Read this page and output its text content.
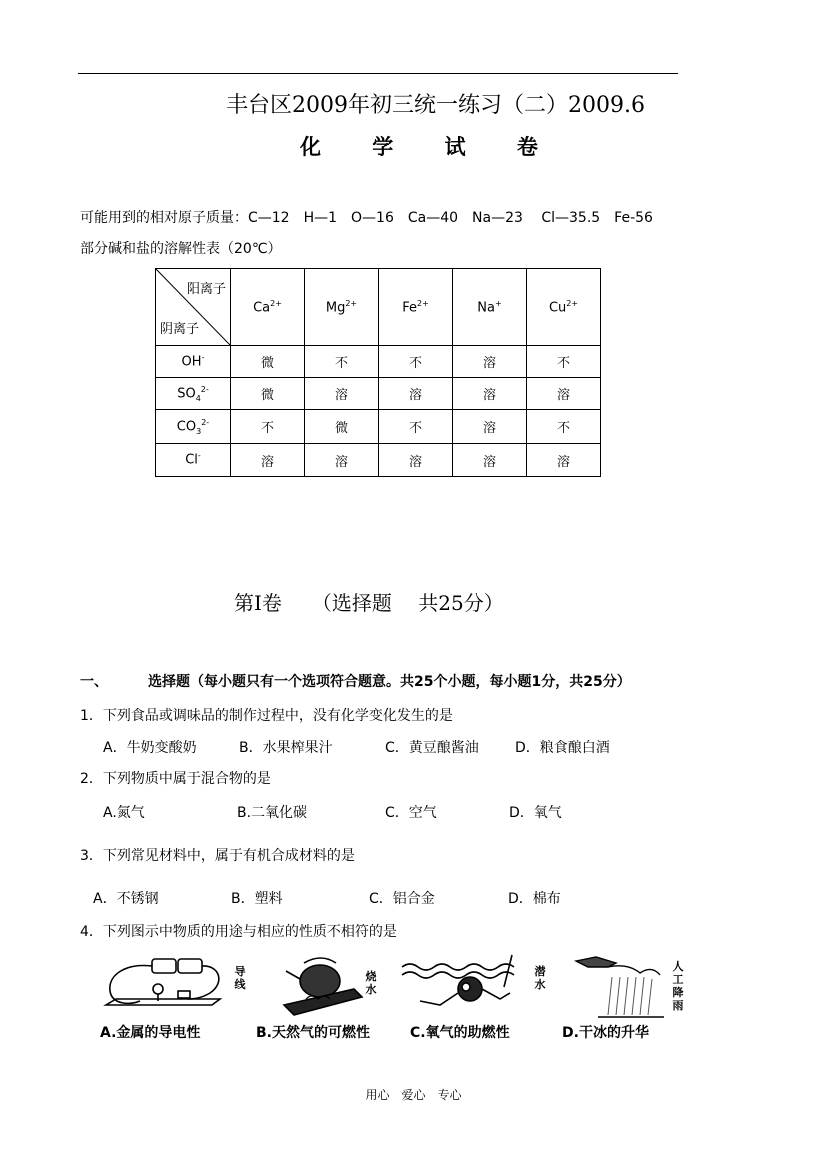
丰台区2009年初三统一练习（二）2009.6
化 学 试 卷
可能用到的相对原子质量：C—12　H—1　O—16　Ca—40　Na—23　 Cl—35.5　Fe-56
部分碱和盐的溶解性表（20℃）
阳离子
阴离子	$Ca^{2+}$	$Mg^{2+}$	$Fe^{2+}$	Na+	$Cu^{2+}$
OH-	微	不	不	溶	不
$SO_4^{2-}$	微	溶	溶	溶	溶
$CO_3^{2-}$	不	微	不	溶	不
Cl-	溶	溶	溶	溶	溶
第Ⅰ卷　　（选择题　 共25分）
一、	选择题（每小题只有一个选项符合题意。共25个小题，每小题1分，共25分）
1．下列食品或调味品的制作过程中，没有化学变化发生的是
A．牛奶变酸奶	B．水果榨果汁	C．黄豆酿酱油	D．粮食酿白酒
2．下列物质中属于混合物的是
A.氮气	B.二氧化碳	C．空气	D．氧气
3．下列常见材料中，属于有机合成材料的是
A．不锈钢	B．塑料	C．铝合金	D．棉布
4．下列图示中物质的用途与相应的性质不相符的是
导线
烧水
潜水
人工降雨
A.金属的导电性	B.天然气的可燃性	C.氧气的助燃性	D.干冰的升华
用心　爱心　专心
